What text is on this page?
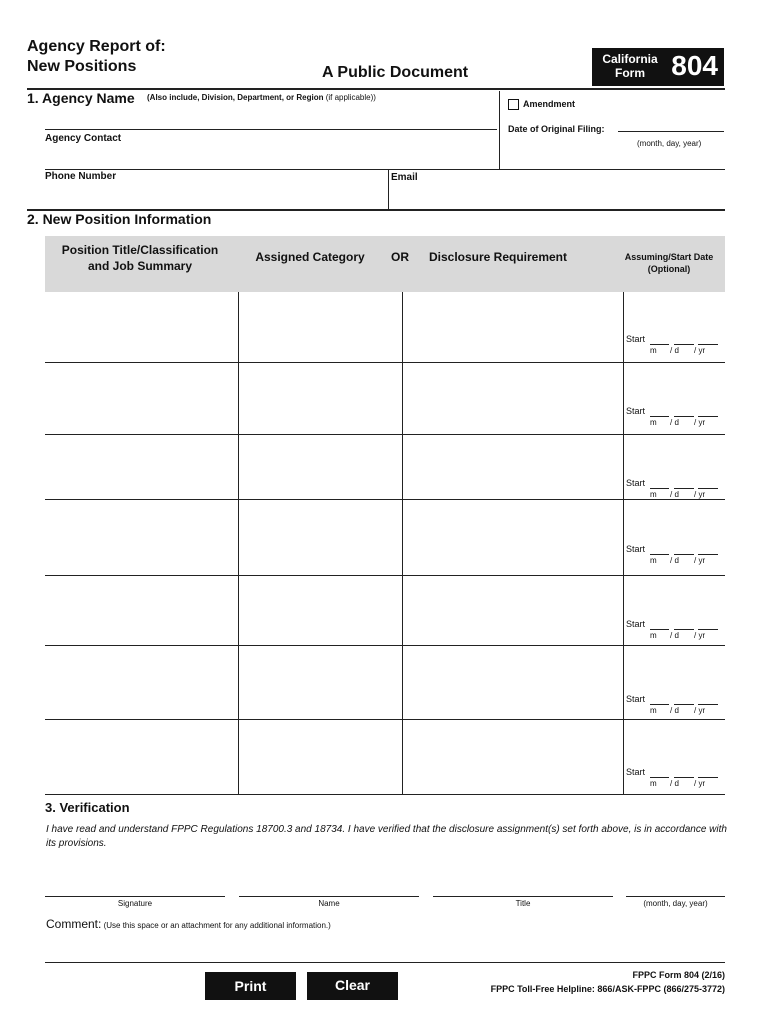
Agency Report of:
New Positions	A Public Document
California
Form 804
1. Agency Name (Also include, Division, Department, or Region (if applicable))
Amendment
Date of Original Filing:
(month, day, year)
Agency Contact
Phone Number	Email
2. New Position Information
Position Title/Classification
and Job Summary
Assigned Category	OR	Disclosure Requirement	Assuming/Start Date
(Optional)
Start
m / d / yr
Start
m / d / yr
Start
m / d / yr
Start
m / d / yr
Start
m / d / yr
Start
m / d / yr
Start
m / d / yr
3. Verification
I have read and understand FPPC Regulations 18700.3 and 18734. I have verified that the disclosure assignment(s) set forth above, is in accordance with its provisions.
Signature	Name	Title	(month, day, year)
Comment: (Use this space or an attachment for any additional information.)
Print	Clear
FPPC Form 804 (2/16)
FPPC Toll-Free Helpline: 866/ASK-FPPC (866/275-3772)
